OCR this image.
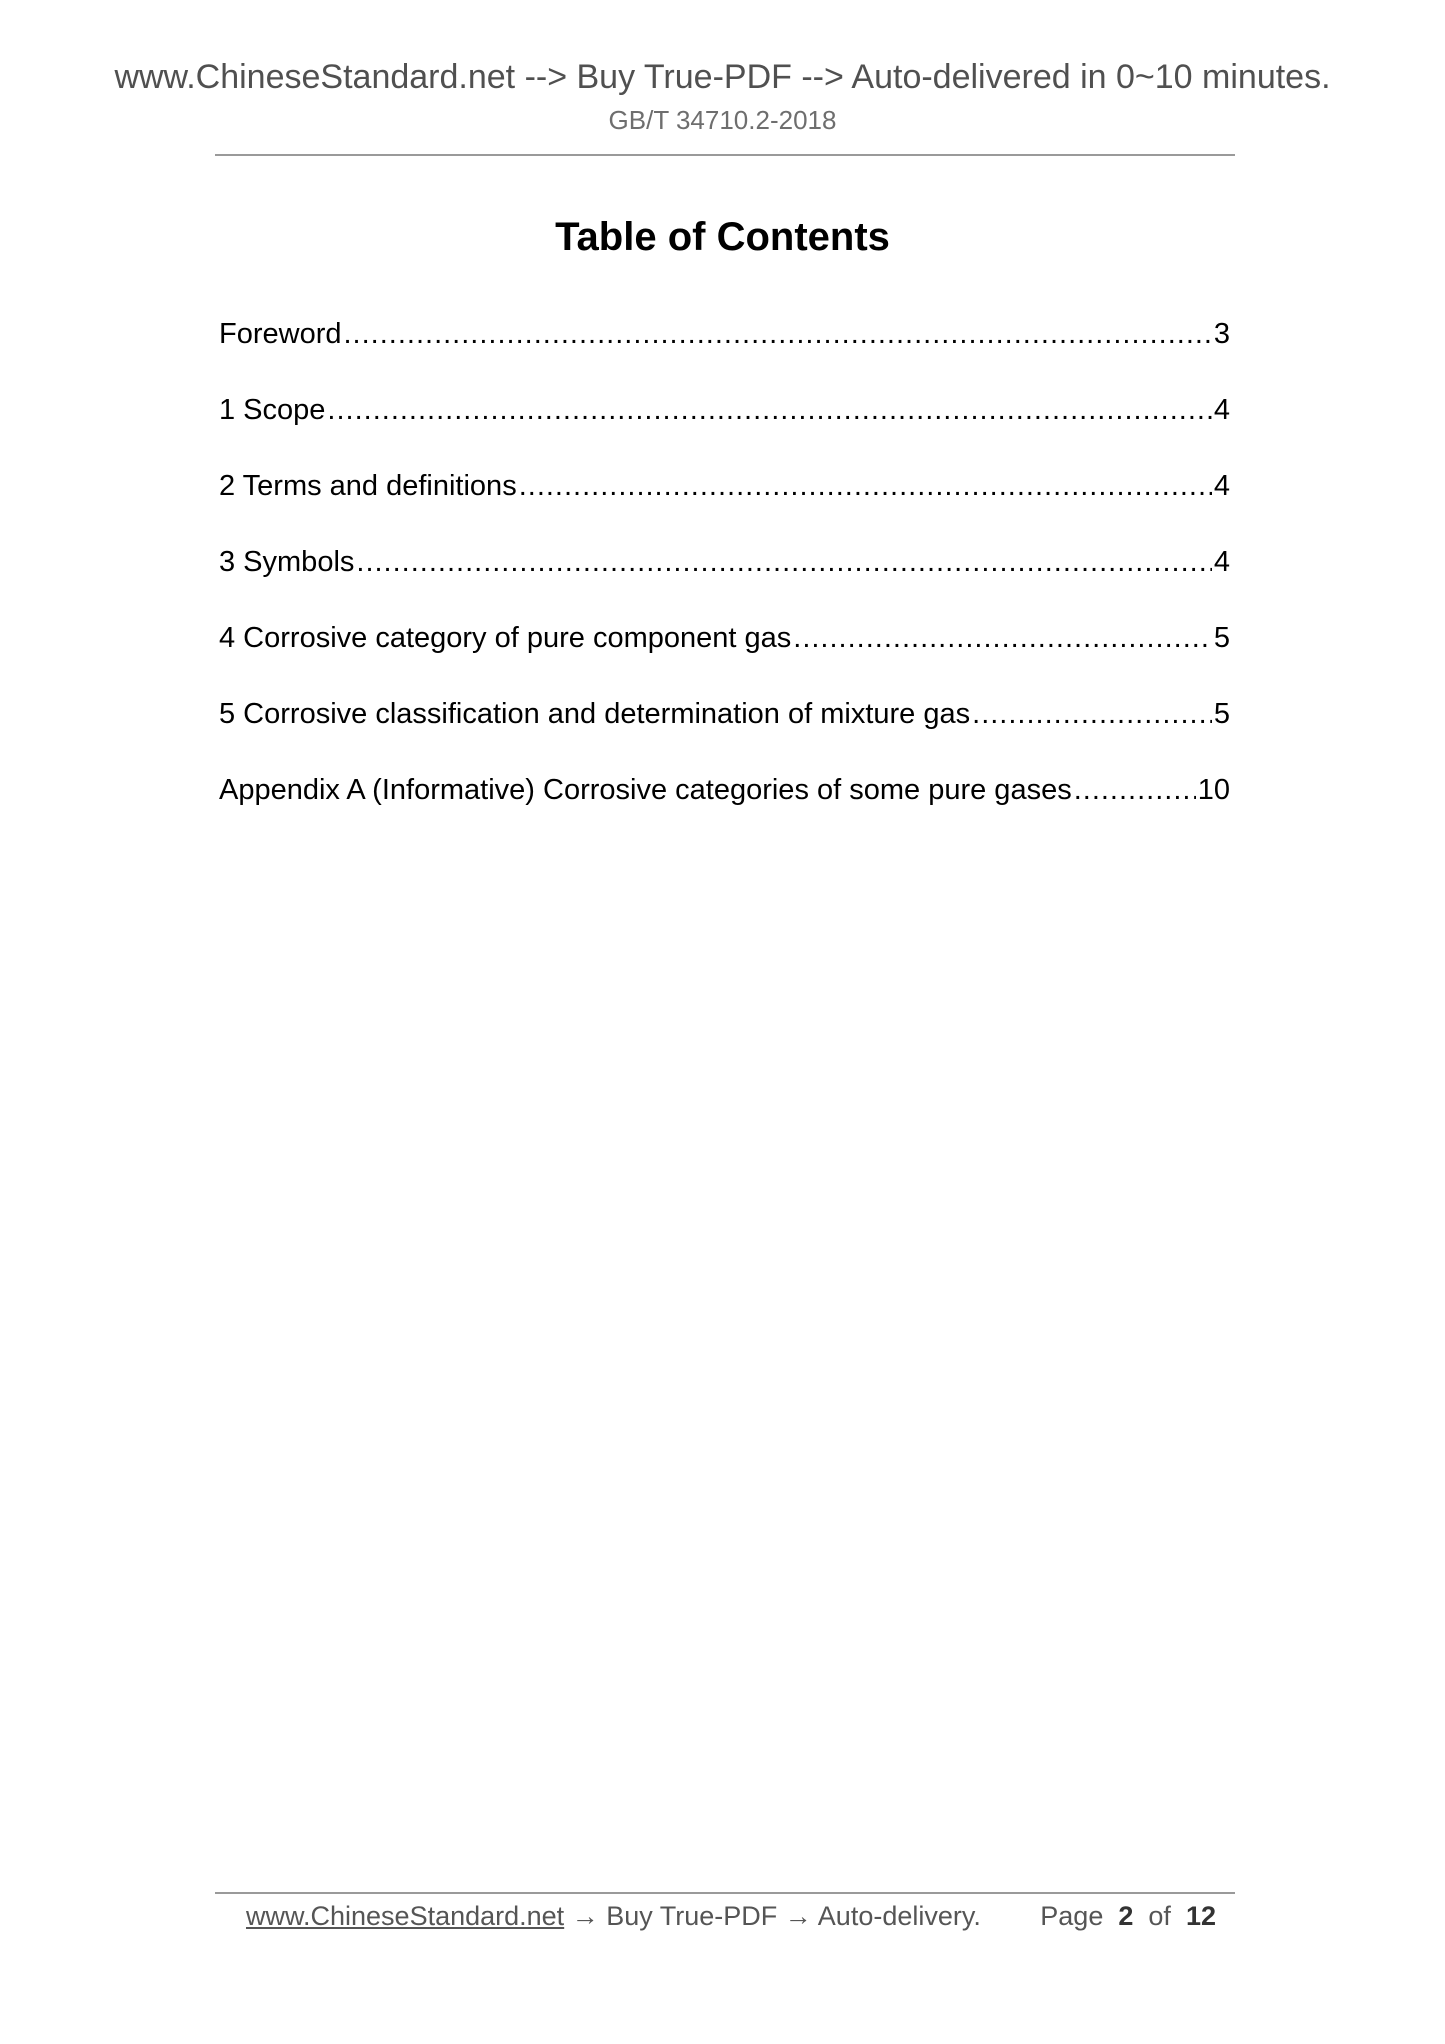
www.ChineseStandard.net --> Buy True-PDF --> Auto-delivered in 0~10 minutes.
GB/T 34710.2-2018
Table of Contents
Foreword .....	3
1 Scope .....	4
2 Terms and definitions .....	4
3 Symbols .....	4
4 Corrosive category of pure component gas .....	5
5 Corrosive classification and determination of mixture gas .....	5
Appendix A (Informative) Corrosive categories of some pure gases .....	10
www.ChineseStandard.net → Buy True-PDF → Auto-delivery. Page 2 of 12
